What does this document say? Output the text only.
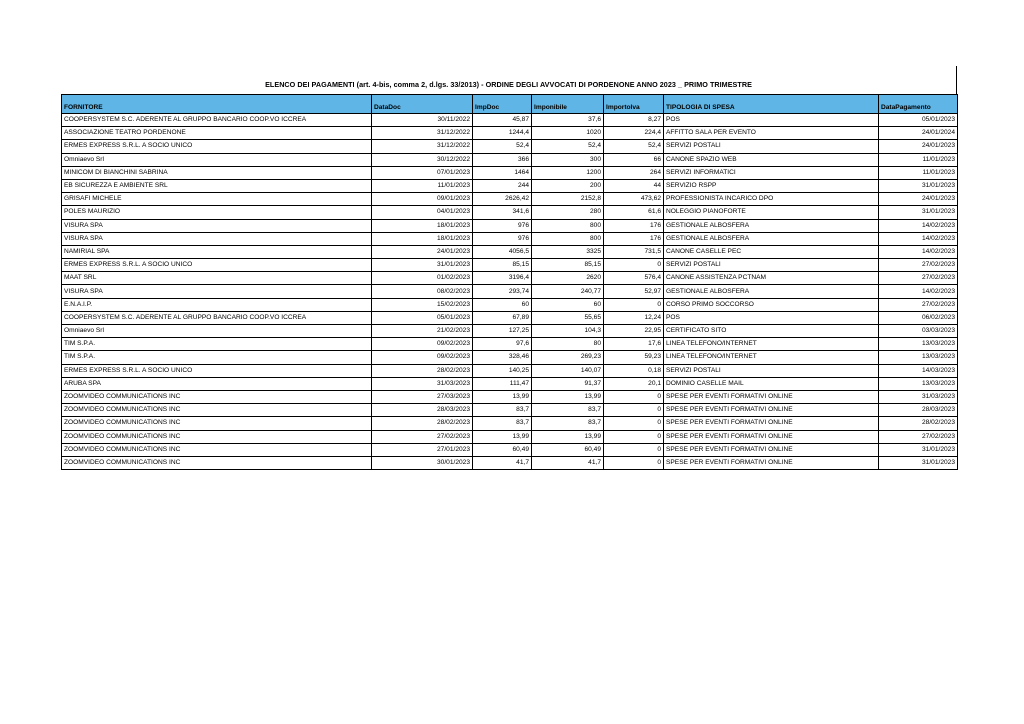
ELENCO DEI PAGAMENTI (art. 4-bis, comma 2, d.lgs. 33/2013) - ORDINE DEGLI AVVOCATI DI PORDENONE ANNO 2023 _ PRIMO TRIMESTRE
FORNITORE	DataDoc	ImpDoc	Imponibile	ImportoIva	TIPOLOGIA DI SPESA	DataPagamento
COOPERSYSTEM S.C. ADERENTE AL GRUPPO BANCARIO COOP.VO ICCREA	30/11/2022	45,87	37,6	8,27	POS	05/01/2023
ASSOCIAZIONE TEATRO PORDENONE	31/12/2022	1244,4	1020	224,4	AFFITTO SALA PER EVENTO	24/01/2024
ERMES EXPRESS S.R.L. A SOCIO UNICO	31/12/2022	52,4	52,4	52,4	SERVIZI POSTALI	24/01/2023
Omniaevo Srl	30/12/2022	366	300	66	CANONE SPAZIO WEB	11/01/2023
MINICOM DI BIANCHINI SABRINA	07/01/2023	1464	1200	264	SERVIZI INFORMATICI	11/01/2023
EB SICUREZZA E AMBIENTE SRL	11/01/2023	244	200	44	SERVIZIO RSPP	31/01/2023
GRISAFI MICHELE	09/01/2023	2626,42	2152,8	473,62	PROFESSIONISTA INCARICO DPO	24/01/2023
POLES MAURIZIO	04/01/2023	341,6	280	61,6	NOLEGGIO PIANOFORTE	31/01/2023
VISURA SPA	18/01/2023	976	800	176	GESTIONALE ALBOSFERA	14/02/2023
VISURA SPA	18/01/2023	976	800	176	GESTIONALE ALBOSFERA	14/02/2023
NAMIRIAL SPA	24/01/2023	4056,5	3325	731,5	CANONE CASELLE PEC	14/02/2023
ERMES EXPRESS S.R.L. A SOCIO UNICO	31/01/2023	85,15	85,15	0	SERVIZI POSTALI	27/02/2023
MAAT SRL	01/02/2023	3196,4	2620	576,4	CANONE ASSISTENZA PCTNAM	27/02/2023
VISURA SPA	08/02/2023	293,74	240,77	52,97	GESTIONALE ALBOSFERA	14/02/2023
E.N.A.I.P.	15/02/2023	60	60	0	CORSO PRIMO SOCCORSO	27/02/2023
COOPERSYSTEM S.C. ADERENTE AL GRUPPO BANCARIO COOP.VO ICCREA	05/01/2023	67,89	55,65	12,24	POS	06/02/2023
Omniaevo Srl	21/02/2023	127,25	104,3	22,95	CERTIFICATO SITO	03/03/2023
TIM S.P.A.	09/02/2023	97,6	80	17,6	LINEA TELEFONO/INTERNET	13/03/2023
TIM S.P.A.	09/02/2023	328,46	269,23	59,23	LINEA TELEFONO/INTERNET	13/03/2023
ERMES EXPRESS S.R.L. A SOCIO UNICO	28/02/2023	140,25	140,07	0,18	SERVIZI POSTALI	14/03/2023
ARUBA SPA	31/03/2023	111,47	91,37	20,1	DOMINIO CASELLE MAIL	13/03/2023
ZOOMVIDEO COMMUNICATIONS INC	27/03/2023	13,99	13,99	0	SPESE PER EVENTI FORMATIVI ONLINE	31/03/2023
ZOOMVIDEO COMMUNICATIONS INC	28/03/2023	83,7	83,7	0	SPESE PER EVENTI FORMATIVI ONLINE	28/03/2023
ZOOMVIDEO COMMUNICATIONS INC	28/02/2023	83,7	83,7	0	SPESE PER EVENTI FORMATIVI ONLINE	28/02/2023
ZOOMVIDEO COMMUNICATIONS INC	27/02/2023	13,99	13,99	0	SPESE PER EVENTI FORMATIVI ONLINE	27/02/2023
ZOOMVIDEO COMMUNICATIONS INC	27/01/2023	60,49	60,49	0	SPESE PER EVENTI FORMATIVI ONLINE	31/01/2023
ZOOMVIDEO COMMUNICATIONS INC	30/01/2023	41,7	41,7	0	SPESE PER EVENTI FORMATIVI ONLINE	31/01/2023
